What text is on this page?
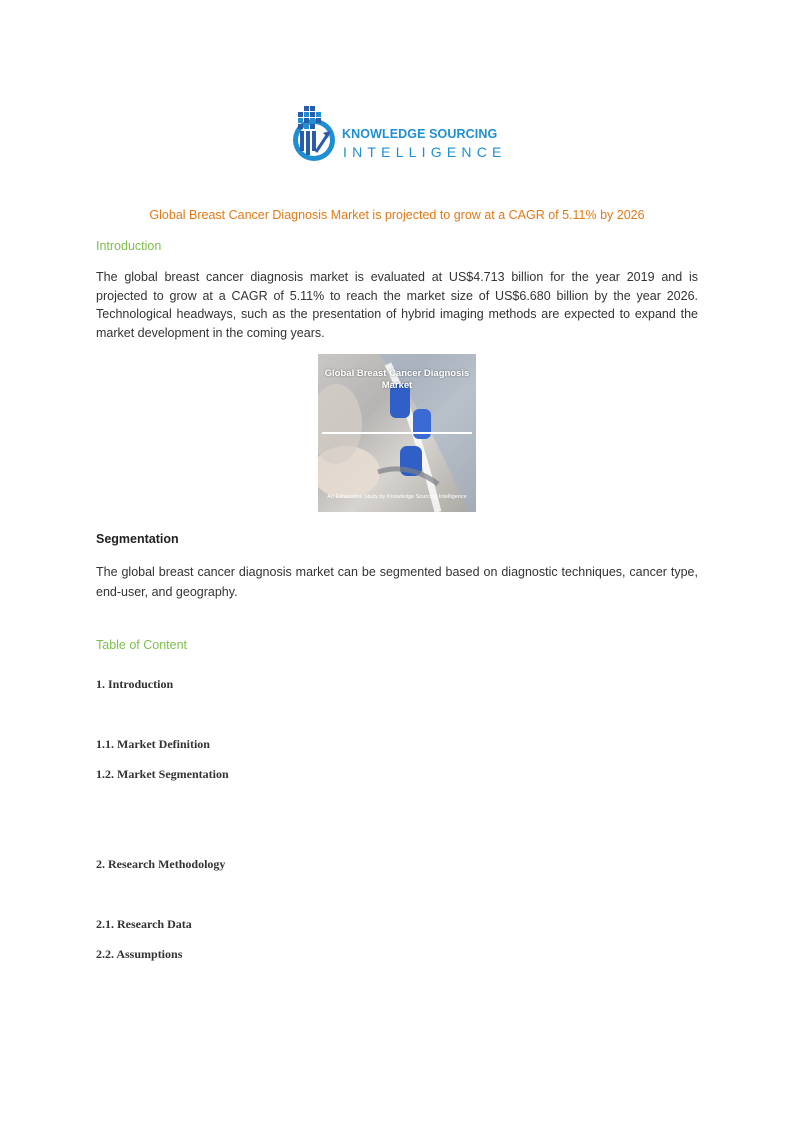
KNOWLEDGE SOURCING
INTELLIGENCE
Global Breast Cancer Diagnosis Market is projected to grow at a CAGR of 5.11% by 2026
Introduction

The global breast cancer diagnosis market is evaluated at US$4.713 billion for the year 2019 and is projected to grow at a CAGR of 5.11% to reach the market size of US$6.680 billion by the year 2026. Technological headways, such as the presentation of hybrid imaging methods are expected to expand the market development in the coming years.

Global Breast Cancer Diagnosis Market
An Exhaustive Study by Knowledge Sourcing Intelligence
Segmentation

The global breast cancer diagnosis market can be segmented based on diagnostic techniques, cancer type, end-user, and geography.

Table of Content
1. Introduction
1.1. Market Definition
1.2. Market Segmentation
2. Research Methodology
2.1. Research Data
2.2. Assumptions
